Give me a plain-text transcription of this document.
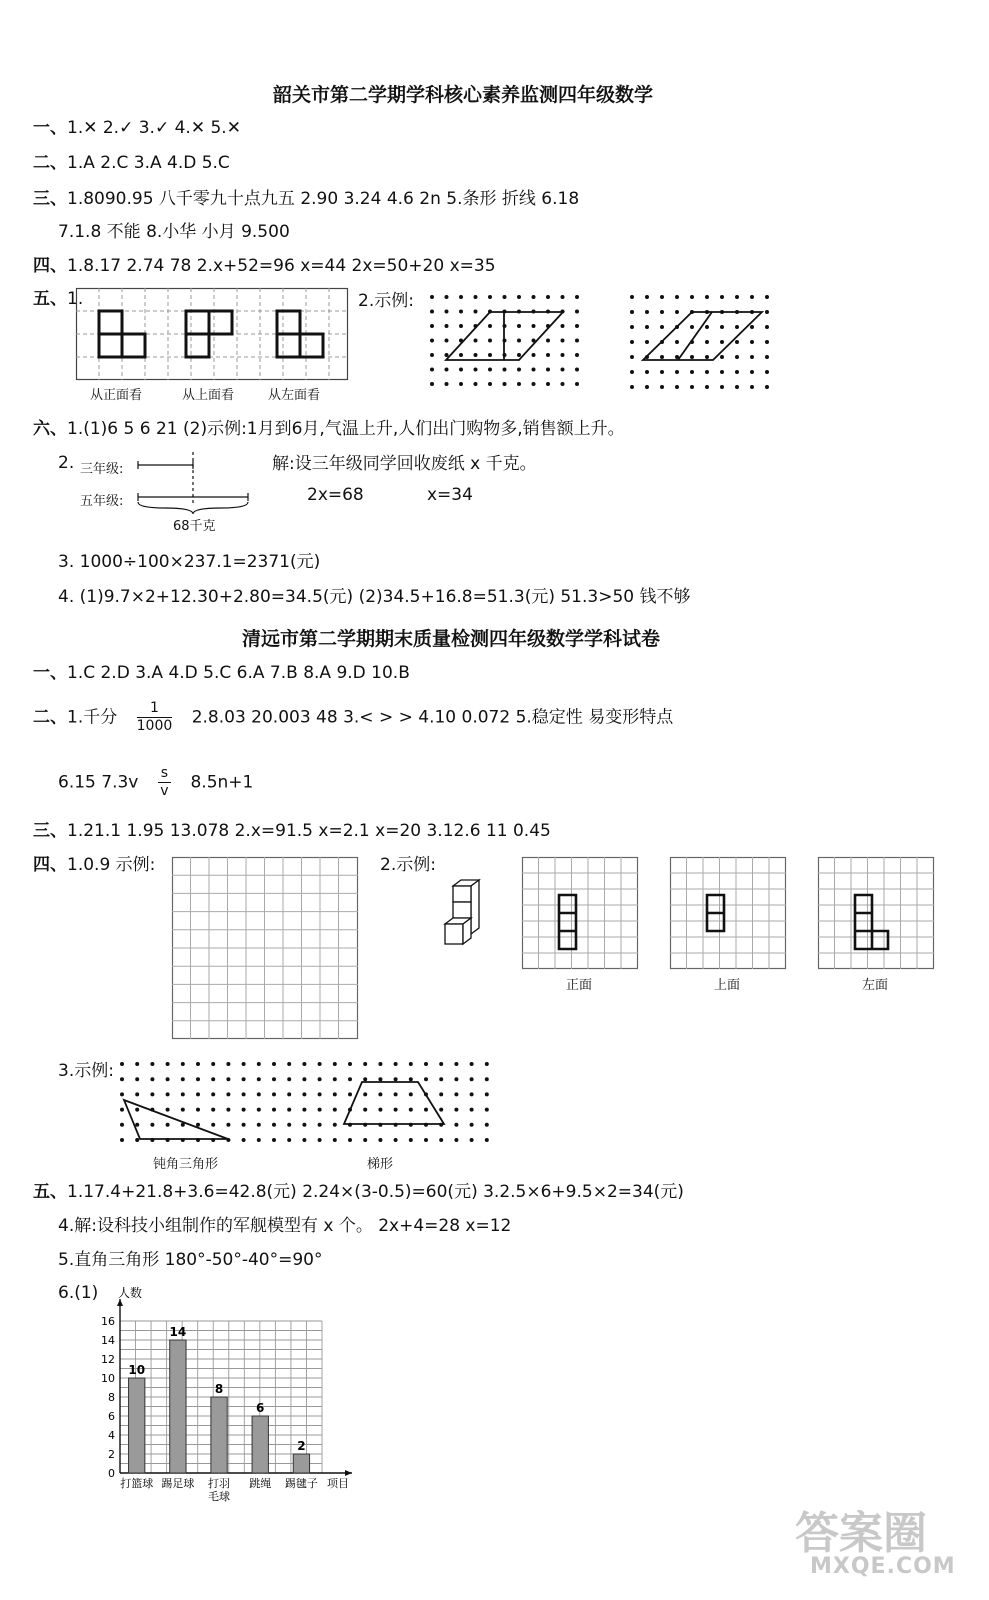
韶关市第二学期学科核心素养监测四年级数学
一、1.✕ 2.✓ 3.✓ 4.✕ 5.✕
二、1.A 2.C 3.A 4.D 5.C
三、1.8090.95 八千零九十点九五 2.90 3.24 4.6 2n 5.条形 折线 6.18
7.1.8 不能 8.小华 小月 9.500
四、1.8.17 2.74 78 2.x+52=96 x=44 2x=50+20 x=35
五、1.
从正面看	从上面看	从左面看
2.示例:
六、1.(1)6 5 6 21 (2)示例:1月到6月,气温上升,人们出门购物多,销售额上升。
2. 三年级:
五年级:
68千克
解:设三年级同学回收废纸 x 千克。
2x=68	x=34
3. 1000÷100×237.1=2371(元)
4. (1)9.7×2+12.30+2.80=34.5(元) (2)34.5+16.8=51.3(元) 51.3>50 钱不够
清远市第二学期期末质量检测四年级数学学科试卷
一、1.C 2.D 3.A 4.D 5.C 6.A 7.B 8.A 9.D 10.B
二、1.千分 $\frac{1}{1000} 2.8.03$ 20.003 48 3.< > > 4.10 0.072 5.稳定性 易变形特点
6.15 $7.3v \frac{s}{v} 8.5n+1$
三、1.21.1 1.95 13.078 2.x=91.5 x=2.1 x=20 3.12.6 11 0.45
四、1.0.9 示例:	2.示例:
正面	上面	左面
3.示例:
钝角三角形	梯形
五、1.17.4+21.8+3.6=42.8(元) 2.24×(3-0.5)=60(元) 3.2.5×6+9.5×2=34(元)
4.解:设科技小组制作的军舰模型有 x 个。 2x+4=28 x=12
5.直角三角形 180°-50°-40°=90°
6.(1) 人数
0
2
4
6
8
10
12
14
16
10
打篮球
14
踢足球
8
打羽
毛球
6
跳绳
2
踢毽子 项目
答案圈
MXQE.COM
